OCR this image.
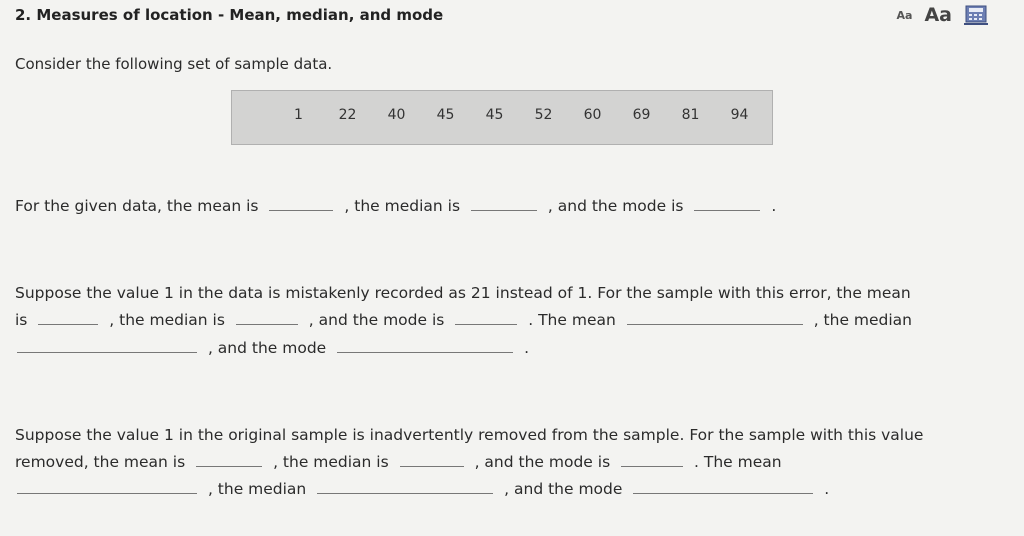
2. Measures of location - Mean, median, and mode	Aa Aa
Consider the following set of sample data.
1	22	40	45	45	52	60	69	81	94
For the given data, the mean is	, the median is	, and the mode is	.
Suppose the value 1 in the data is mistakenly recorded as 21 instead of 1. For the sample with this error, the mean
is	, the median is	, and the mode is	. The mean	, the median
, and the mode	.
Suppose the value 1 in the original sample is inadvertently removed from the sample. For the sample with this value
removed, the mean is	, the median is	, and the mode is	. The mean
, the median	, and the mode	.
